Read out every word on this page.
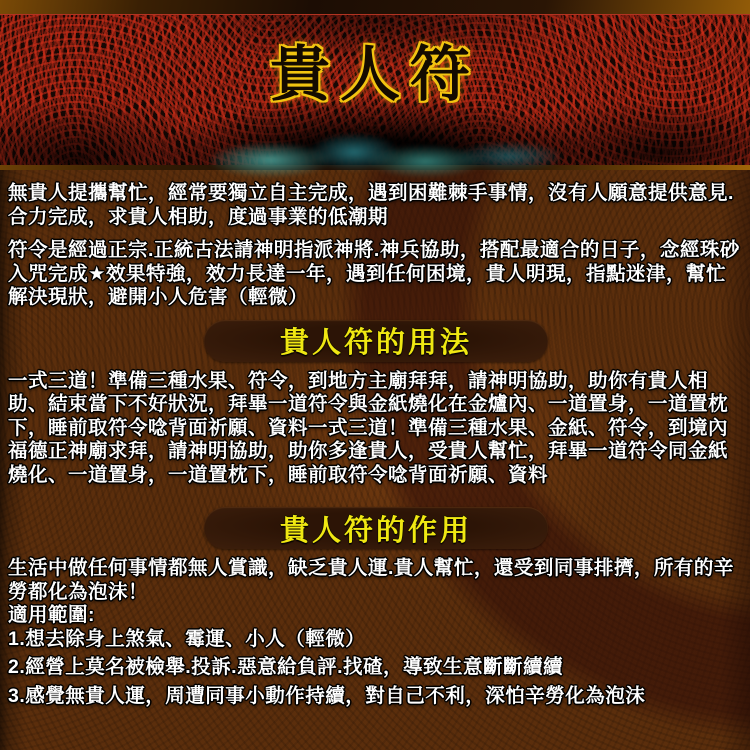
貴人符

無貴人提攜幫忙，經常要獨立自主完成，遇到困難棘手事情，沒有人願意提供意見.合力完成，求貴人相助，度過事業的低潮期

符令是經過正宗.正統古法請神明指派神將.神兵協助，搭配最適合的日子，念經珠砂入咒完成★效果特強，效力長達一年，遇到任何困境，貴人明現，指點迷津，幫忙解決現狀，避開小人危害（輕微）

貴人符的用法

一式三道！準備三種水果、符令，到地方主廟拜拜，請神明協助，助你有貴人相助、結束當下不好狀況，拜畢一道符令與金紙燒化在金爐內、一道置身，一道置枕下，睡前取符令唸背面祈願、資料一式三道！準備三種水果、金紙、符令，到境內福德正神廟求拜，請神明協助，助你多逢貴人，受貴人幫忙，拜畢一道符令同金紙燒化、一道置身，一道置枕下，睡前取符令唸背面祈願、資料

貴人符的作用

生活中做任何事情都無人賞識，缺乏貴人運.貴人幫忙，還受到同事排擠，所有的辛勞都化為泡沫！

適用範圍:

1.想去除身上煞氣、霉運、小人（輕微）

2.經營上莫名被檢舉.投訴.惡意給負評.找碴，導致生意斷斷續續

3.感覺無貴人運，周遭同事小動作持續，對自己不利，深怕辛勞化為泡沫
